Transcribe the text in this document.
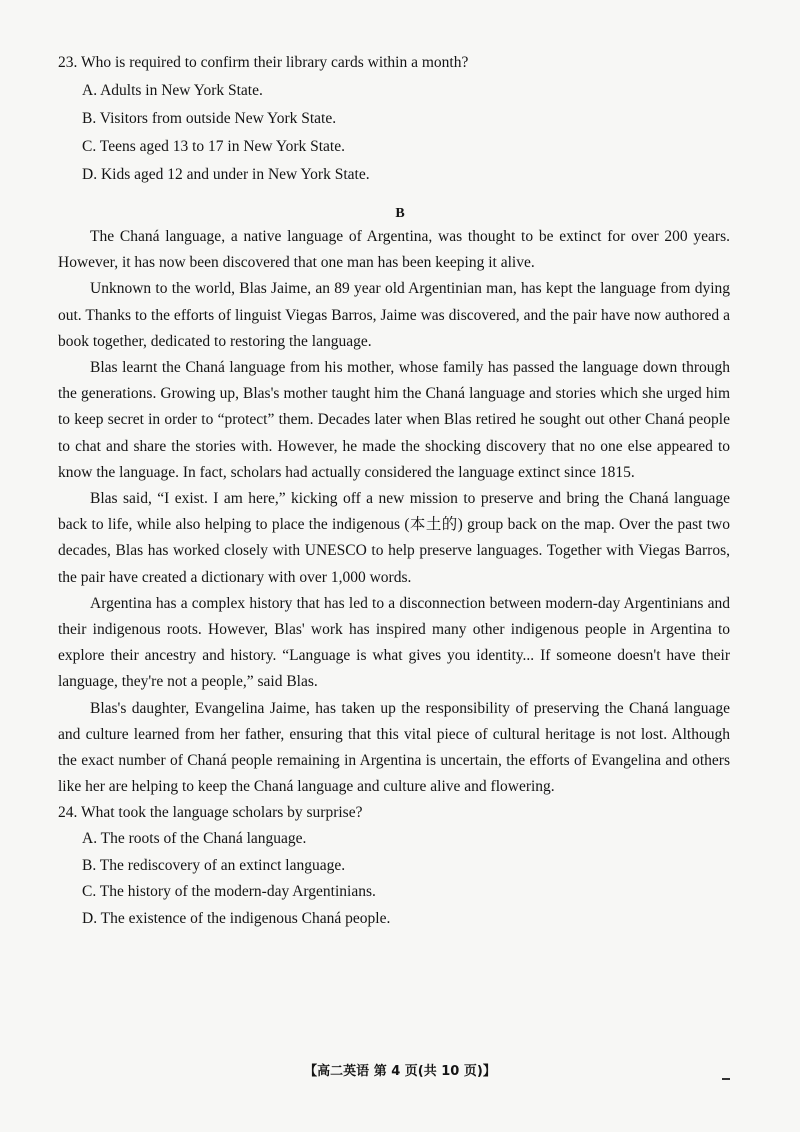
23. Who is required to confirm their library cards within a month?

A. Adults in New York State.

B. Visitors from outside New York State.

C. Teens aged 13 to 17 in New York State.

D. Kids aged 12 and under in New York State.

B

The Chaná language, a native language of Argentina, was thought to be extinct for over 200 years. However, it has now been discovered that one man has been keeping it alive.

Unknown to the world, Blas Jaime, an 89 year old Argentinian man, has kept the language from dying out. Thanks to the efforts of linguist Viegas Barros, Jaime was discovered, and the pair have now authored a book together, dedicated to restoring the language.

Blas learnt the Chaná language from his mother, whose family has passed the language down through the generations. Growing up, Blas's mother taught him the Chaná language and stories which she urged him to keep secret in order to “protect” them. Decades later when Blas retired he sought out other Chaná people to chat and share the stories with. However, he made the shocking discovery that no one else appeared to know the language. In fact, scholars had actually considered the language extinct since 1815.

Blas said, “I exist. I am here,” kicking off a new mission to preserve and bring the Chaná language back to life, while also helping to place the indigenous (本土的) group back on the map. Over the past two decades, Blas has worked closely with UNESCO to help preserve languages. Together with Viegas Barros, the pair have created a dictionary with over 1,000 words.

Argentina has a complex history that has led to a disconnection between modern-day Argentinians and their indigenous roots. However, Blas' work has inspired many other indigenous people in Argentina to explore their ancestry and history. “Language is what gives you identity... If someone doesn't have their language, they're not a people,” said Blas.

Blas's daughter, Evangelina Jaime, has taken up the responsibility of preserving the Chaná language and culture learned from her father, ensuring that this vital piece of cultural heritage is not lost. Although the exact number of Chaná people remaining in Argentina is uncertain, the efforts of Evangelina and others like her are helping to keep the Chaná language and culture alive and flowering.

24. What took the language scholars by surprise?

A. The roots of the Chaná language.

B. The rediscovery of an extinct language.

C. The history of the modern-day Argentinians.

D. The existence of the indigenous Chaná people.

【高二英语 第 4 页(共 10 页)】
